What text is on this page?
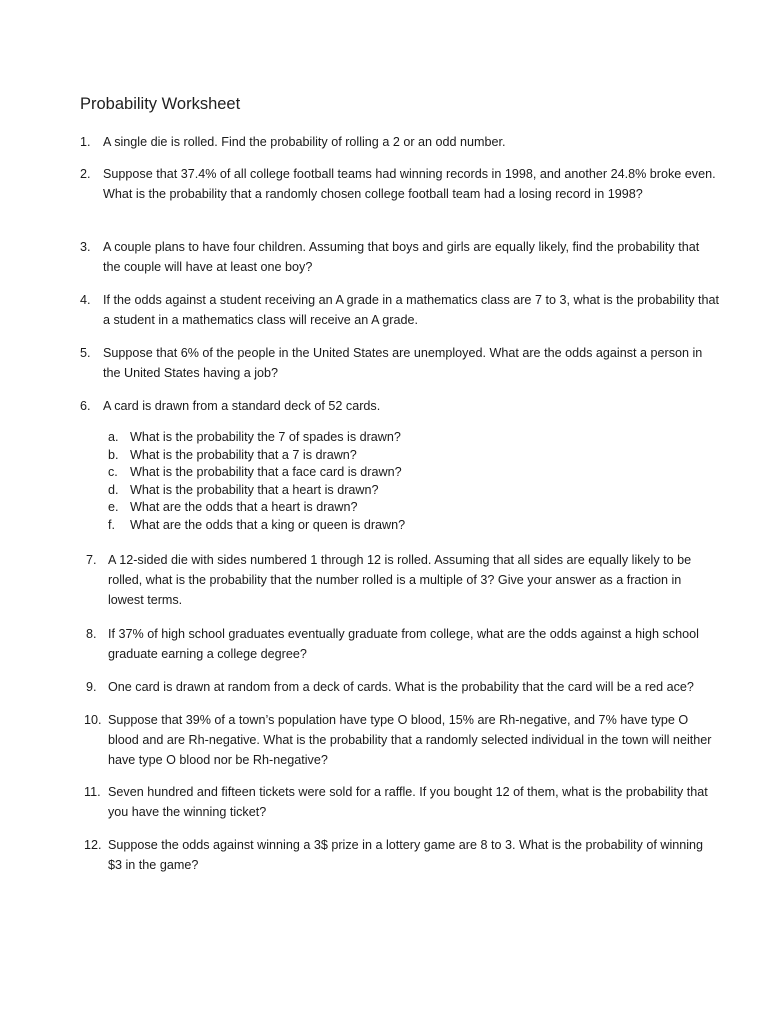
Probability Worksheet
1. A single die is rolled. Find the probability of rolling a 2 or an odd number.
2. Suppose that 37.4% of all college football teams had winning records in 1998, and another 24.8% broke even. What is the probability that a randomly chosen college football team had a losing record in 1998?
3. A couple plans to have four children. Assuming that boys and girls are equally likely, find the probability that the couple will have at least one boy?
4. If the odds against a student receiving an A grade in a mathematics class are 7 to 3, what is the probability that a student in a mathematics class will receive an A grade.
5. Suppose that 6% of the people in the United States are unemployed. What are the odds against a person in the United States having a job?
6. A card is drawn from a standard deck of 52 cards.
a. What is the probability the 7 of spades is drawn?
b. What is the probability that a 7 is drawn?
c. What is the probability that a face card is drawn?
d. What is the probability that a heart is drawn?
e. What are the odds that a heart is drawn?
f. What are the odds that a king or queen is drawn?
7. A 12-sided die with sides numbered 1 through 12 is rolled. Assuming that all sides are equally likely to be rolled, what is the probability that the number rolled is a multiple of 3? Give your answer as a fraction in lowest terms.
8. If 37% of high school graduates eventually graduate from college, what are the odds against a high school graduate earning a college degree?
9. One card is drawn at random from a deck of cards. What is the probability that the card will be a red ace?
10. Suppose that 39% of a town’s population have type O blood, 15% are Rh-negative, and 7% have type O blood and are Rh-negative. What is the probability that a randomly selected individual in the town will neither have type O blood nor be Rh-negative?
11. Seven hundred and fifteen tickets were sold for a raffle. If you bought 12 of them, what is the probability that you have the winning ticket?
12. Suppose the odds against winning a 3$ prize in a lottery game are 8 to 3. What is the probability of winning $3 in the game?
